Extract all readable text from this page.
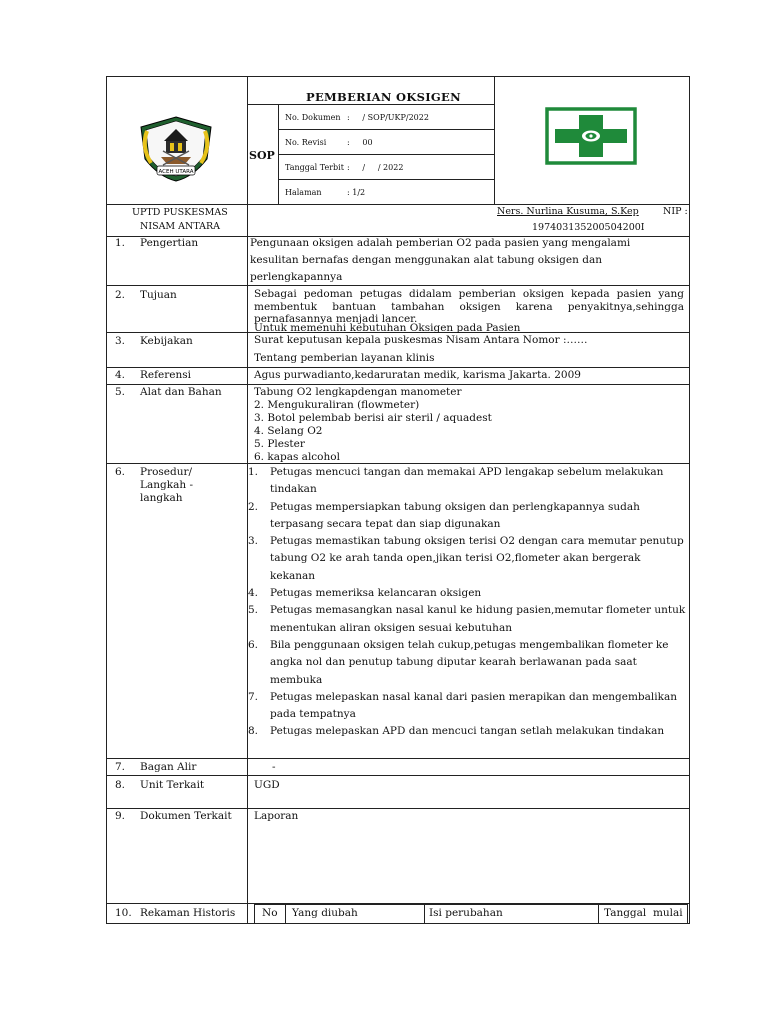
PEMBERIAN OKSIGEN
SOP
No. Dokumen :     / SOP/UKP/2022
No. Revisi	:     00
Tanggal Terbit :     /     / 2022
Halaman	: 1/2
ACEH UTARA
UPTD PUSKESMAS
NISAM ANTARA
Ners. Nurlina Kusuma, S.Kep	NIP :
197403135200504200I
1. Pengertian	Pengunaan oksigen adalah pemberian O2 pada pasien yang mengalami kesulitan bernafas dengan menggunakan alat tabung oksigen dan perlengkapannya
2. Tujuan	Sebagai pedoman petugas didalam pemberian oksigen kepada pasien yang membentuk bantuan tambahan oksigen karena penyakitnya,sehingga pernafasannya menjadi lancer.
Untuk memenuhi kebutuhan Oksigen pada Pasien
3. Kebijakan	Surat keputusan kepala puskesmas Nisam Antara Nomor :……
Tentang pemberian layanan klinis
4. Referensi	Agus purwadianto,kedaruratan medik, karisma Jakarta. 2009
5. Alat dan Bahan	Tabung O2 lengkapdengan manometer
2. Mengukuraliran (flowmeter)
3. Botol pelembab berisi air steril / aquadest
4. Selang O2
5. Plester
6. kapas alcohol
6. Prosedur/
Langkah -
langkah
1. Petugas mencuci tangan dan memakai APD lengakap sebelum melakukan tindakan
2. Petugas mempersiapkan tabung oksigen dan perlengkapannya sudah terpasang secara tepat dan siap digunakan
3. Petugas memastikan tabung oksigen terisi O2 dengan cara memutar penutup tabung O2 ke arah tanda open,jikan terisi O2,flometer akan bergerak kekanan
4. Petugas memeriksa kelancaran oksigen
5. Petugas memasangkan nasal kanul ke hidung pasien,memutar flometer untuk menentukan aliran oksigen sesuai kebutuhan
6. Bila penggunaan oksigen telah cukup,petugas mengembalikan flometer ke angka nol dan penutup tabung diputar kearah berlawanan pada saat membuka
7. Petugas melepaskan nasal kanal dari pasien merapikan dan mengembalikan pada tempatnya
8. Petugas melepaskan APD dan mencuci tangan setlah melakukan tindakan
7. Bagan Alir	-
8. Unit Terkait	UGD
9. Dokumen Terkait Laporan
10. Rekaman Historis	No Yang diubah	Isi perubahan	Tanggal  mulai
